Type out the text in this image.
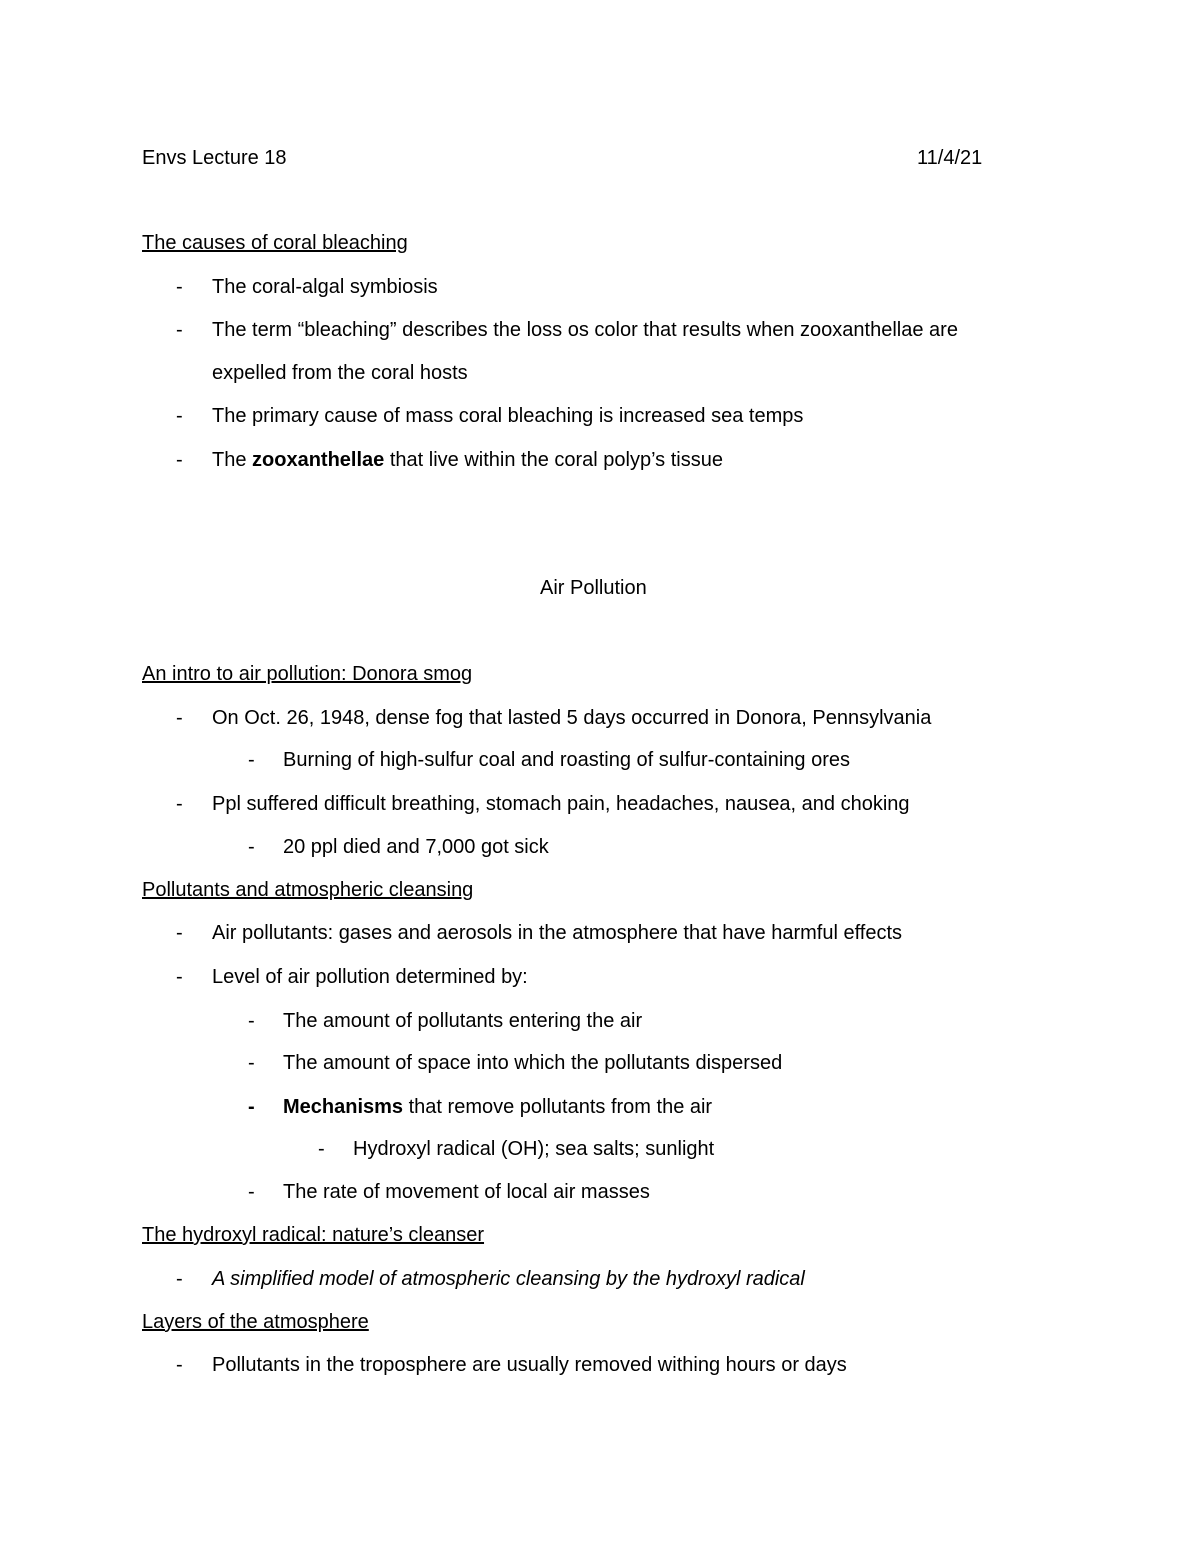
Envs Lecture 18	11/4/21
The causes of coral bleaching
- The coral-algal symbiosis
- The term “bleaching” describes the loss os color that results when zooxanthellae are
expelled from the coral hosts
- The primary cause of mass coral bleaching is increased sea temps
- The zooxanthellae that live within the coral polyp’s tissue
Air Pollution
An intro to air pollution: Donora smog
- On Oct. 26, 1948, dense fog that lasted 5 days occurred in Donora, Pennsylvania
- Burning of high-sulfur coal and roasting of sulfur-containing ores
- Ppl suffered difficult breathing, stomach pain, headaches, nausea, and choking
- 20 ppl died and 7,000 got sick
Pollutants and atmospheric cleansing
- Air pollutants: gases and aerosols in the atmosphere that have harmful effects
- Level of air pollution determined by:
- The amount of pollutants entering the air
- The amount of space into which the pollutants dispersed
- Mechanisms that remove pollutants from the air
- Hydroxyl radical (OH); sea salts; sunlight
- The rate of movement of local air masses
The hydroxyl radical: nature’s cleanser
- A simplified model of atmospheric cleansing by the hydroxyl radical
Layers of the atmosphere
- Pollutants in the troposphere are usually removed withing hours or days
